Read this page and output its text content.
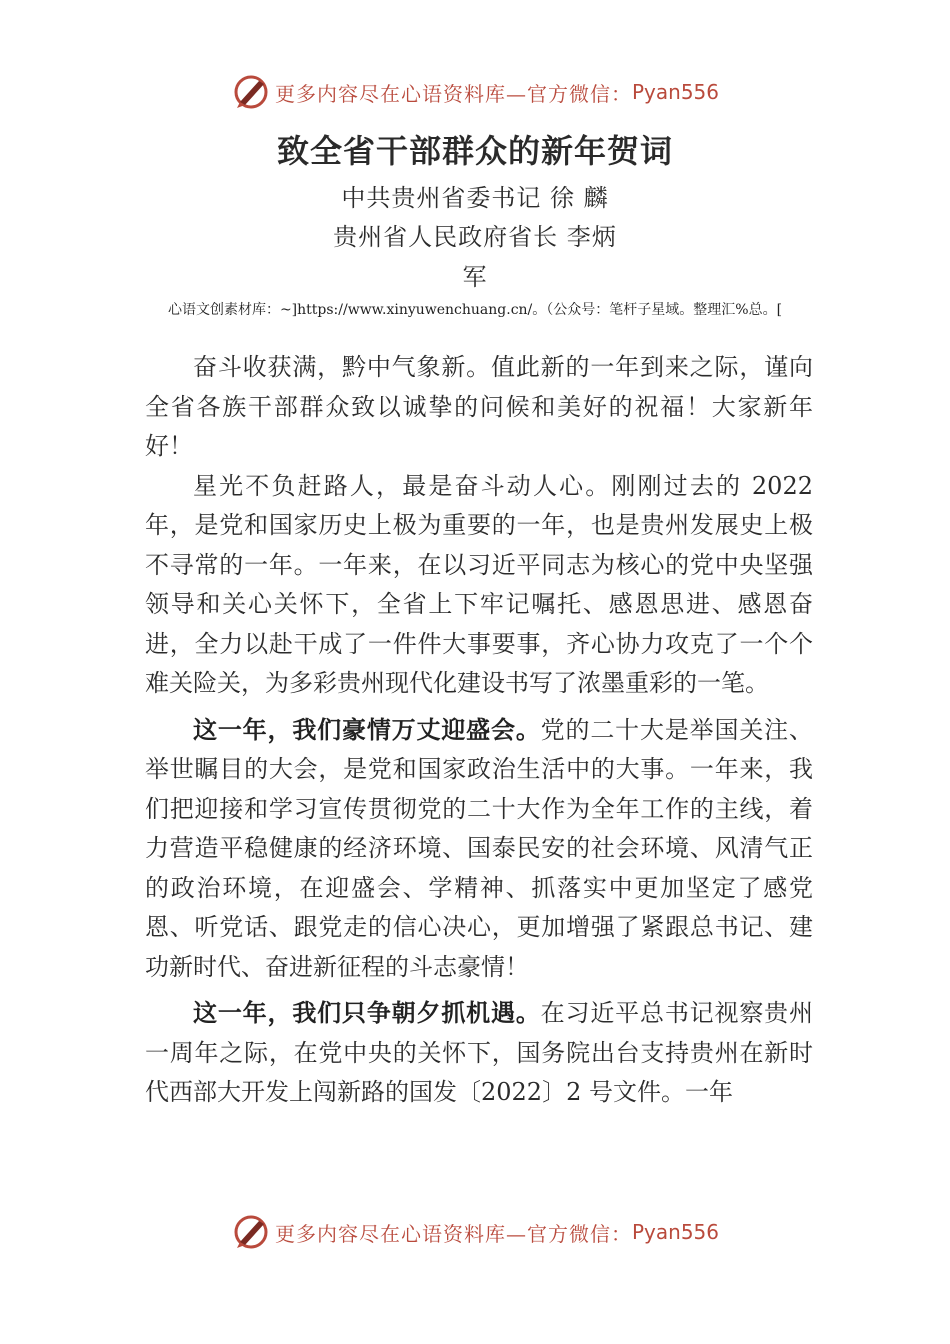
更多内容尽在心语资料库—官方微信： Pyan556
致全省干部群众的新年贺词
中共贵州省委书记 徐 麟
贵州省人民政府省长 李炳
军
心语文创素材库：~]https://www.xinyuwenchuang.cn/。（公众号：笔杆子星域。整理汇%总。[

奋斗收获满，黔中气象新。值此新的一年到来之际，谨向全省各族干部群众致以诚挚的问候和美好的祝福！大家新年好！

星光不负赶路人，最是奋斗动人心。刚刚过去的 2022 年，是党和国家历史上极为重要的一年，也是贵州发展史上极不寻常的一年。一年来，在以习近平同志为核心的党中央坚强领导和关心关怀下，全省上下牢记嘱托、感恩思进、感恩奋进，全力以赴干成了一件件大事要事，齐心协力攻克了一个个难关险关，为多彩贵州现代化建设书写了浓墨重彩的一笔。

这一年，我们豪情万丈迎盛会。党的二十大是举国关注、举世瞩目的大会，是党和国家政治生活中的大事。一年来，我们把迎接和学习宣传贯彻党的二十大作为全年工作的主线，着力营造平稳健康的经济环境、国泰民安的社会环境、风清气正的政治环境，在迎盛会、学精神、抓落实中更加坚定了感党恩、听党话、跟党走的信心决心，更加增强了紧跟总书记、建功新时代、奋进新征程的斗志豪情！

这一年，我们只争朝夕抓机遇。在习近平总书记视察贵州一周年之际，在党中央的关怀下，国务院出台支持贵州在新时代西部大开发上闯新路的国发〔2022〕2 号文件。一年

更多内容尽在心语资料库—官方微信： Pyan556
